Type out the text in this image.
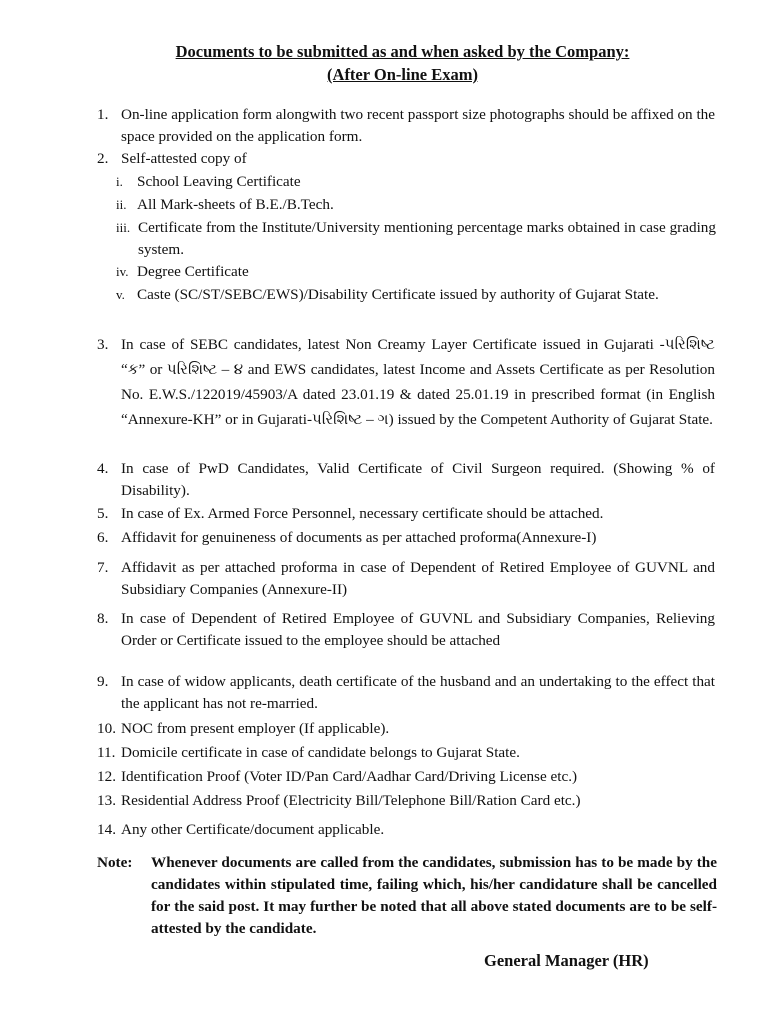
Documents to be submitted as and when asked by the Company:
(After On-line Exam)
1. On-line application form alongwith two recent passport size photographs should be affixed on the space provided on the application form.
2. Self-attested copy of
i. School Leaving Certificate
ii. All Mark-sheets of B.E./B.Tech.
iii. Certificate from the Institute/University mentioning percentage marks obtained in case grading system.
iv. Degree Certificate
v. Caste (SC/ST/SEBC/EWS)/Disability Certificate issued by authority of Gujarat State.
3. In case of SEBC candidates, latest Non Creamy Layer Certificate issued in Gujarati -પરિશિષ્ટ “ક” or પરિશિષ્ટ – ૪ and EWS candidates, latest Income and Assets Certificate as per Resolution No. E.W.S./122019/45903/A dated 23.01.19 & dated 25.01.19 in prescribed format (in English “Annexure-KH” or in Gujarati-પરિશિષ્ટ – ગ) issued by the Competent Authority of Gujarat State.
4. In case of PwD Candidates, Valid Certificate of Civil Surgeon required. (Showing % of Disability).
5. In case of Ex. Armed Force Personnel, necessary certificate should be attached.
6. Affidavit for genuineness of documents as per attached proforma(Annexure-I)
7. Affidavit as per attached proforma in case of Dependent of Retired Employee of GUVNL and Subsidiary Companies (Annexure-II)
8. In case of Dependent of Retired Employee of GUVNL and Subsidiary Companies, Relieving Order or Certificate issued to the employee should be attached
9. In case of widow applicants, death certificate of the husband and an undertaking to the effect that the applicant has not re-married.
10. NOC from present employer (If applicable).
11. Domicile certificate in case of candidate belongs to Gujarat State.
12. Identification Proof (Voter ID/Pan Card/Aadhar Card/Driving License etc.)
13. Residential Address Proof (Electricity Bill/Telephone Bill/Ration Card etc.)
14. Any other Certificate/document applicable.
Note: Whenever documents are called from the candidates, submission has to be made by the candidates within stipulated time, failing which, his/her candidature shall be cancelled for the said post. It may further be noted that all above stated documents are to be self-attested by the candidate.
General Manager (HR)
